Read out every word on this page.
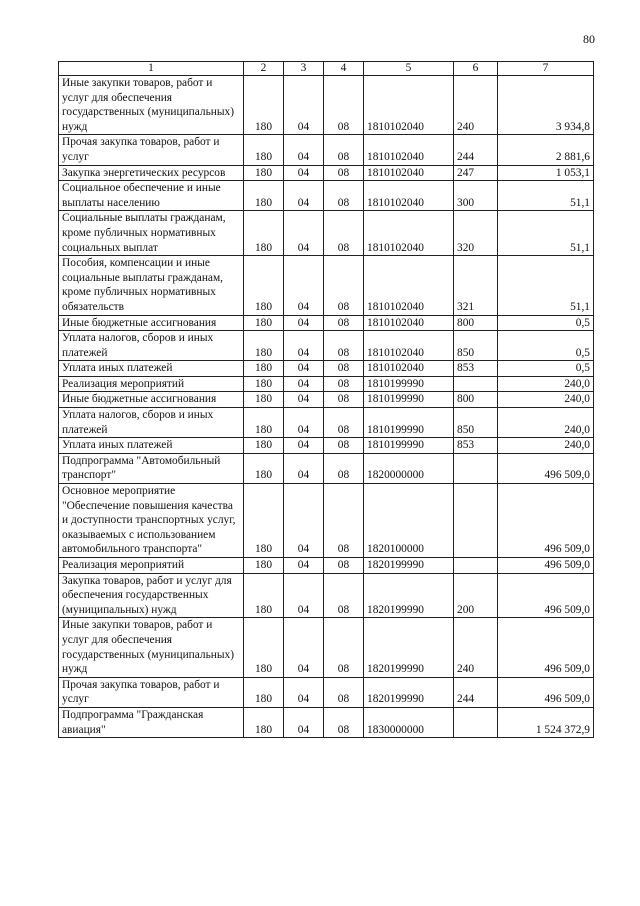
80
1	2	3	4	5	6	7
Иные закупки товаров, работ и услуг для обеспечения государственных (муниципальных) нужд	180	04	08	1810102040	240	3 934,8
Прочая закупка товаров, работ и услуг	180	04	08	1810102040	244	2 881,6
Закупка энергетических ресурсов	180	04	08	1810102040	247	1 053,1
Социальное обеспечение и иные выплаты населению	180	04	08	1810102040	300	51,1
Социальные выплаты гражданам, кроме публичных нормативных социальных выплат	180	04	08	1810102040	320	51,1
Пособия, компенсации и иные социальные выплаты гражданам, кроме публичных нормативных обязательств	180	04	08	1810102040	321	51,1
Иные бюджетные ассигнования	180	04	08	1810102040	800	0,5
Уплата налогов, сборов и иных платежей	180	04	08	1810102040	850	0,5
Уплата иных платежей	180	04	08	1810102040	853	0,5
Реализация мероприятий	180	04	08	1810199990		240,0
Иные бюджетные ассигнования	180	04	08	1810199990	800	240,0
Уплата налогов, сборов и иных платежей	180	04	08	1810199990	850	240,0
Уплата иных платежей	180	04	08	1810199990	853	240,0
Подпрограмма "Автомобильный транспорт"	180	04	08	1820000000		496 509,0
Основное мероприятие "Обеспечение повышения качества и доступности транспортных услуг, оказываемых с использованием автомобильного транспорта"	180	04	08	1820100000		496 509,0
Реализация мероприятий	180	04	08	1820199990		496 509,0
Закупка товаров, работ и услуг для обеспечения государственных (муниципальных) нужд	180	04	08	1820199990	200	496 509,0
Иные закупки товаров, работ и услуг для обеспечения государственных (муниципальных) нужд	180	04	08	1820199990	240	496 509,0
Прочая закупка товаров, работ и услуг	180	04	08	1820199990	244	496 509,0
Подпрограмма "Гражданская авиация"	180	04	08	1830000000		1 524 372,9
